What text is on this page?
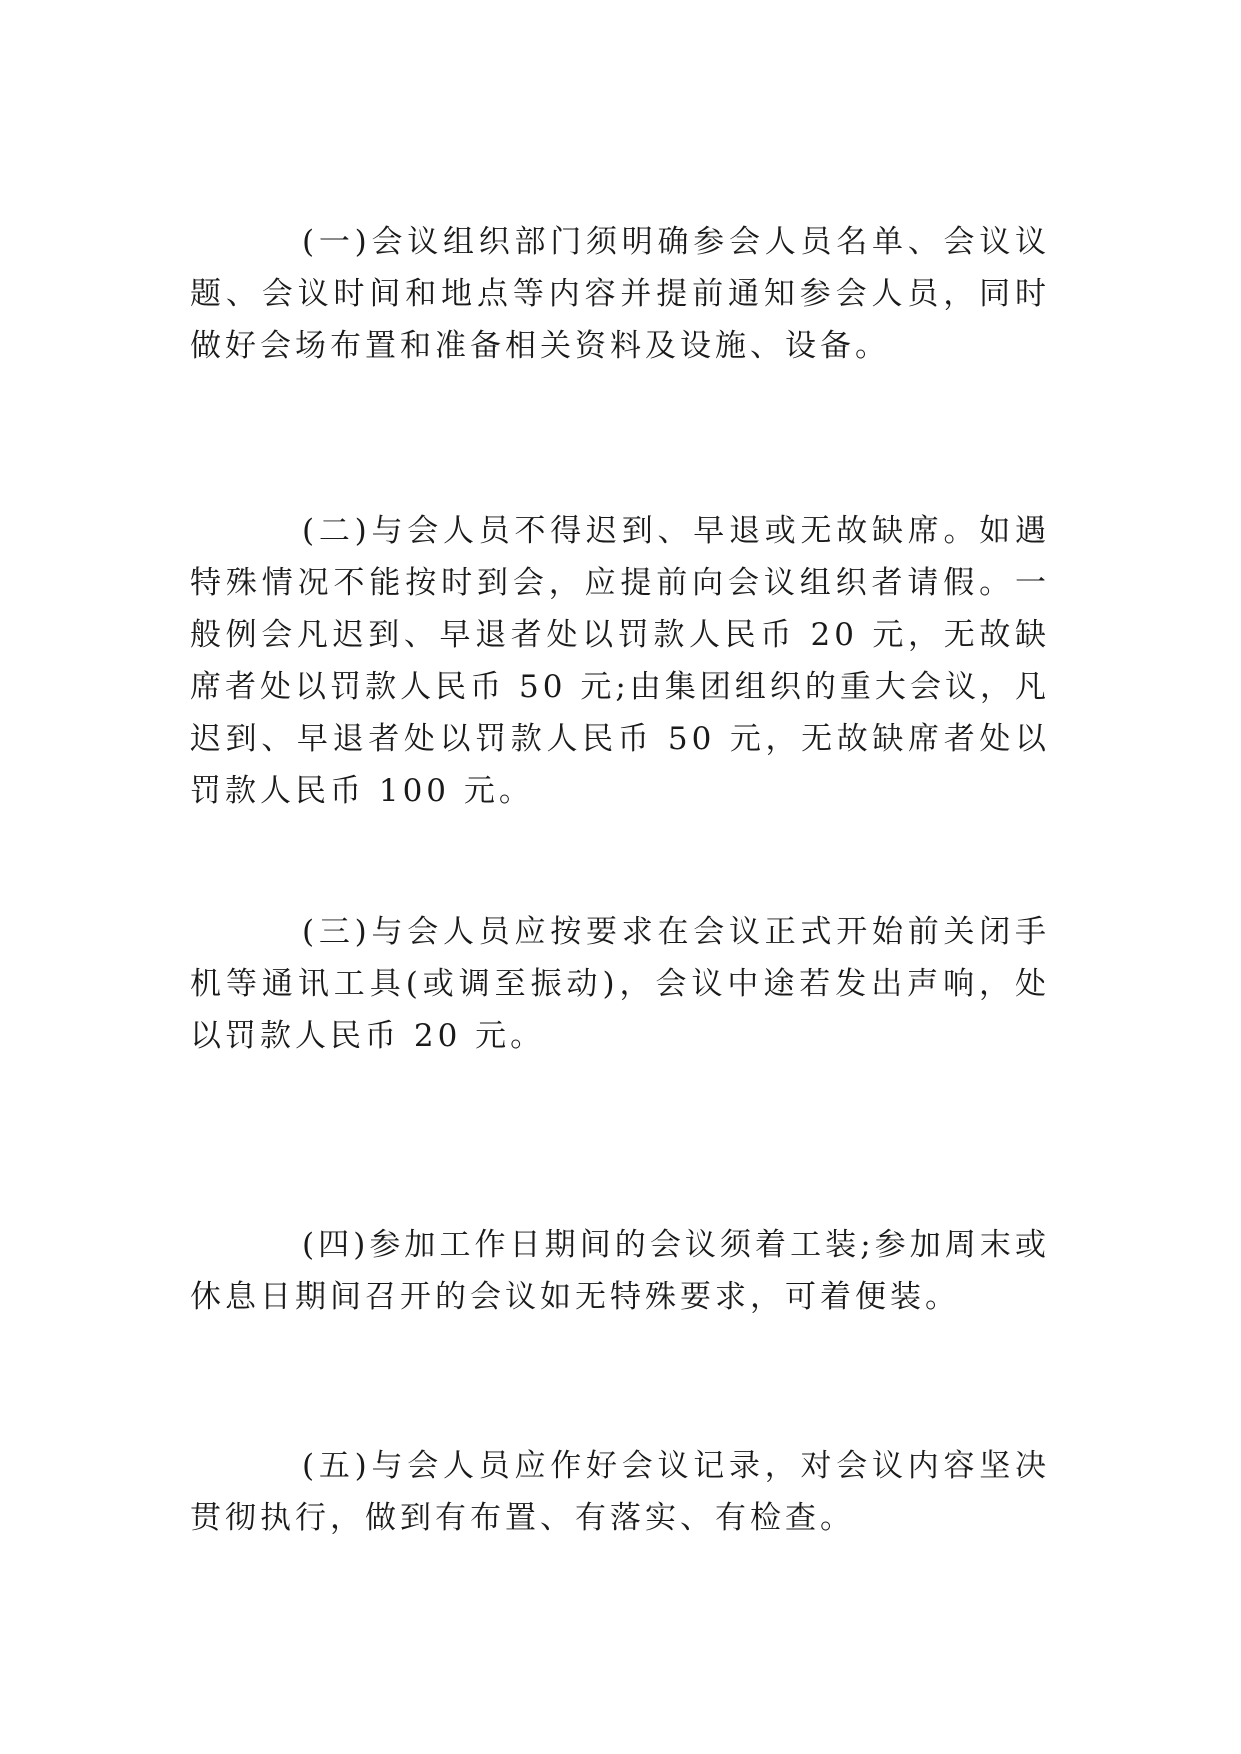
(一)会议组织部门须明确参会人员名单、会议议题、会议时间和地点等内容并提前通知参会人员，同时做好会场布置和准备相关资料及设施、设备。

(二)与会人员不得迟到、早退或无故缺席。如遇特殊情况不能按时到会，应提前向会议组织者请假。一般例会凡迟到、早退者处以罚款人民币 20 元，无故缺席者处以罚款人民币 50 元;由集团组织的重大会议，凡迟到、早退者处以罚款人民币 50 元，无故缺席者处以罚款人民币 100 元。

(三)与会人员应按要求在会议正式开始前关闭手机等通讯工具(或调至振动)，会议中途若发出声响，处以罚款人民币 20 元。

(四)参加工作日期间的会议须着工装;参加周末或休息日期间召开的会议如无特殊要求，可着便装。

(五)与会人员应作好会议记录，对会议内容坚决贯彻执行，做到有布置、有落实、有检查。
